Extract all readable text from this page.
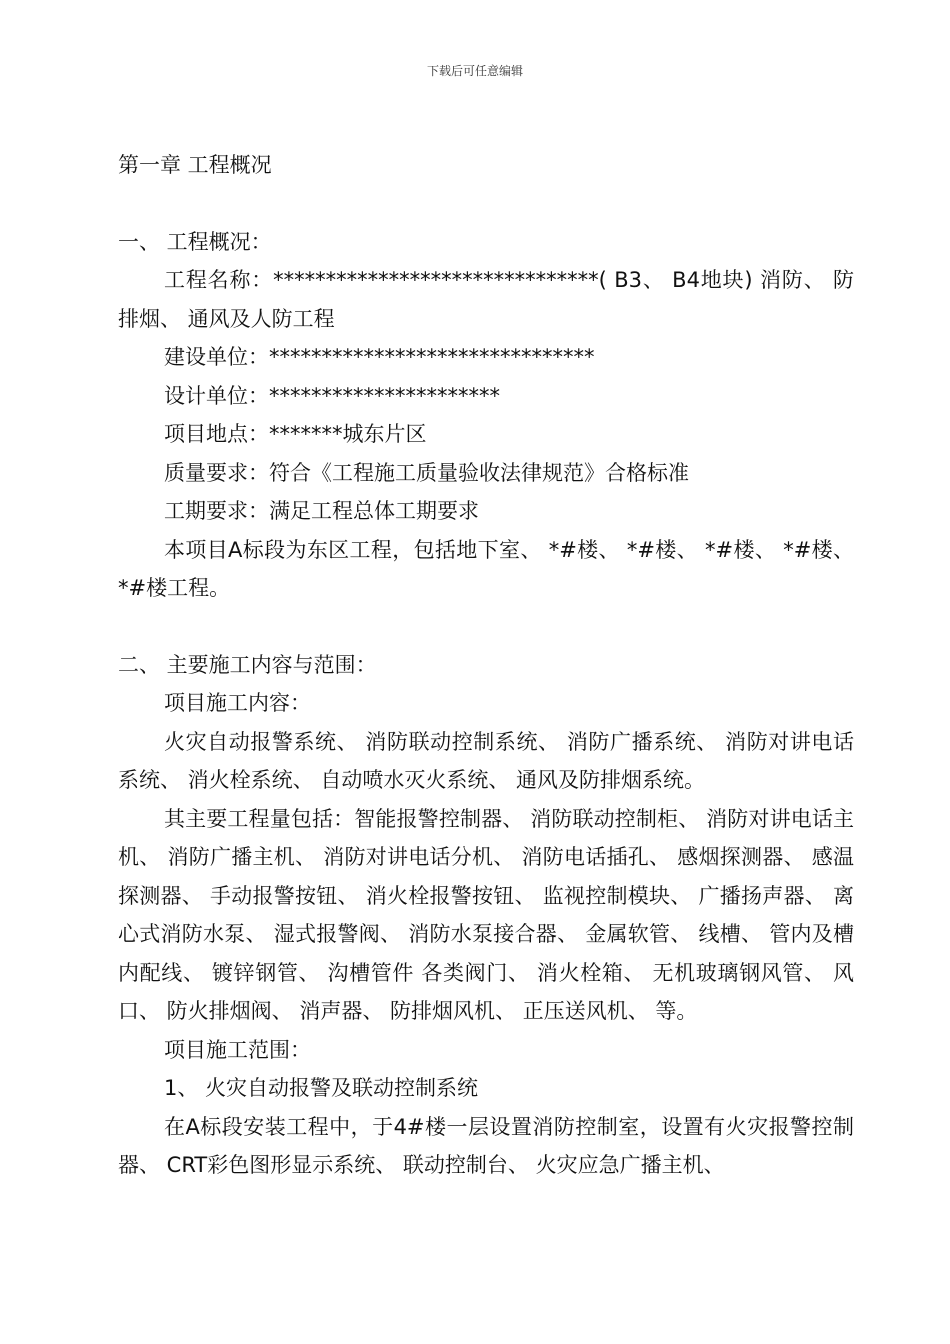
下载后可任意编辑

第一章 工程概况

一、 工程概况：

工程名称：*******************************( B3、 B4地块) 消防、 防排烟、 通风及人防工程

建设单位：*******************************

设计单位：**********************

项目地点：*******城东片区

质量要求：符合《工程施工质量验收法律规范》合格标准

工期要求：满足工程总体工期要求

本项目A标段为东区工程，包括地下室、 *#楼、 *#楼、 *#楼、 *#楼、 *#楼工程。

二、 主要施工内容与范围：

项目施工内容：

火灾自动报警系统、 消防联动控制系统、 消防广播系统、 消防对讲电话系统、 消火栓系统、 自动喷水灭火系统、 通风及防排烟系统。

其主要工程量包括：智能报警控制器、 消防联动控制柜、 消防对讲电话主机、 消防广播主机、 消防对讲电话分机、 消防电话插孔、 感烟探测器、 感温探测器、 手动报警按钮、 消火栓报警按钮、 监视控制模块、 广播扬声器、 离心式消防水泵、 湿式报警阀、 消防水泵接合器、 金属软管、 线槽、 管内及槽内配线、 镀锌钢管、 沟槽管件 各类阀门、 消火栓箱、 无机玻璃钢风管、 风口、 防火排烟阀、 消声器、 防排烟风机、 正压送风机、 等。

项目施工范围：

1、 火灾自动报警及联动控制系统

在A标段安装工程中，于4#楼一层设置消防控制室，设置有火灾报警控制器、 CRT彩色图形显示系统、 联动控制台、 火灾应急广播主机、
